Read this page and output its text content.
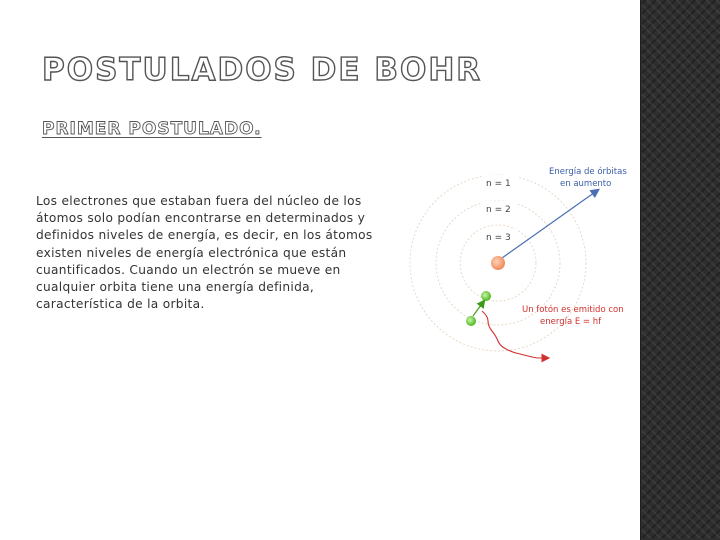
POSTULADOS DE BOHR
PRIMER POSTULADO.
Los electrones que estaban fuera del núcleo de los átomos solo podían encontrarse en determinados y definidos niveles de energía, es decir, en los átomos existen niveles de energía electrónica que están cuantificados. Cuando un electrón se mueve en cualquier orbita tiene una energía definida, característica de la orbita.
n = 1
n = 2
n = 3
Energía de órbitas en aumento
Un fotón es emitido con energía E = hf
